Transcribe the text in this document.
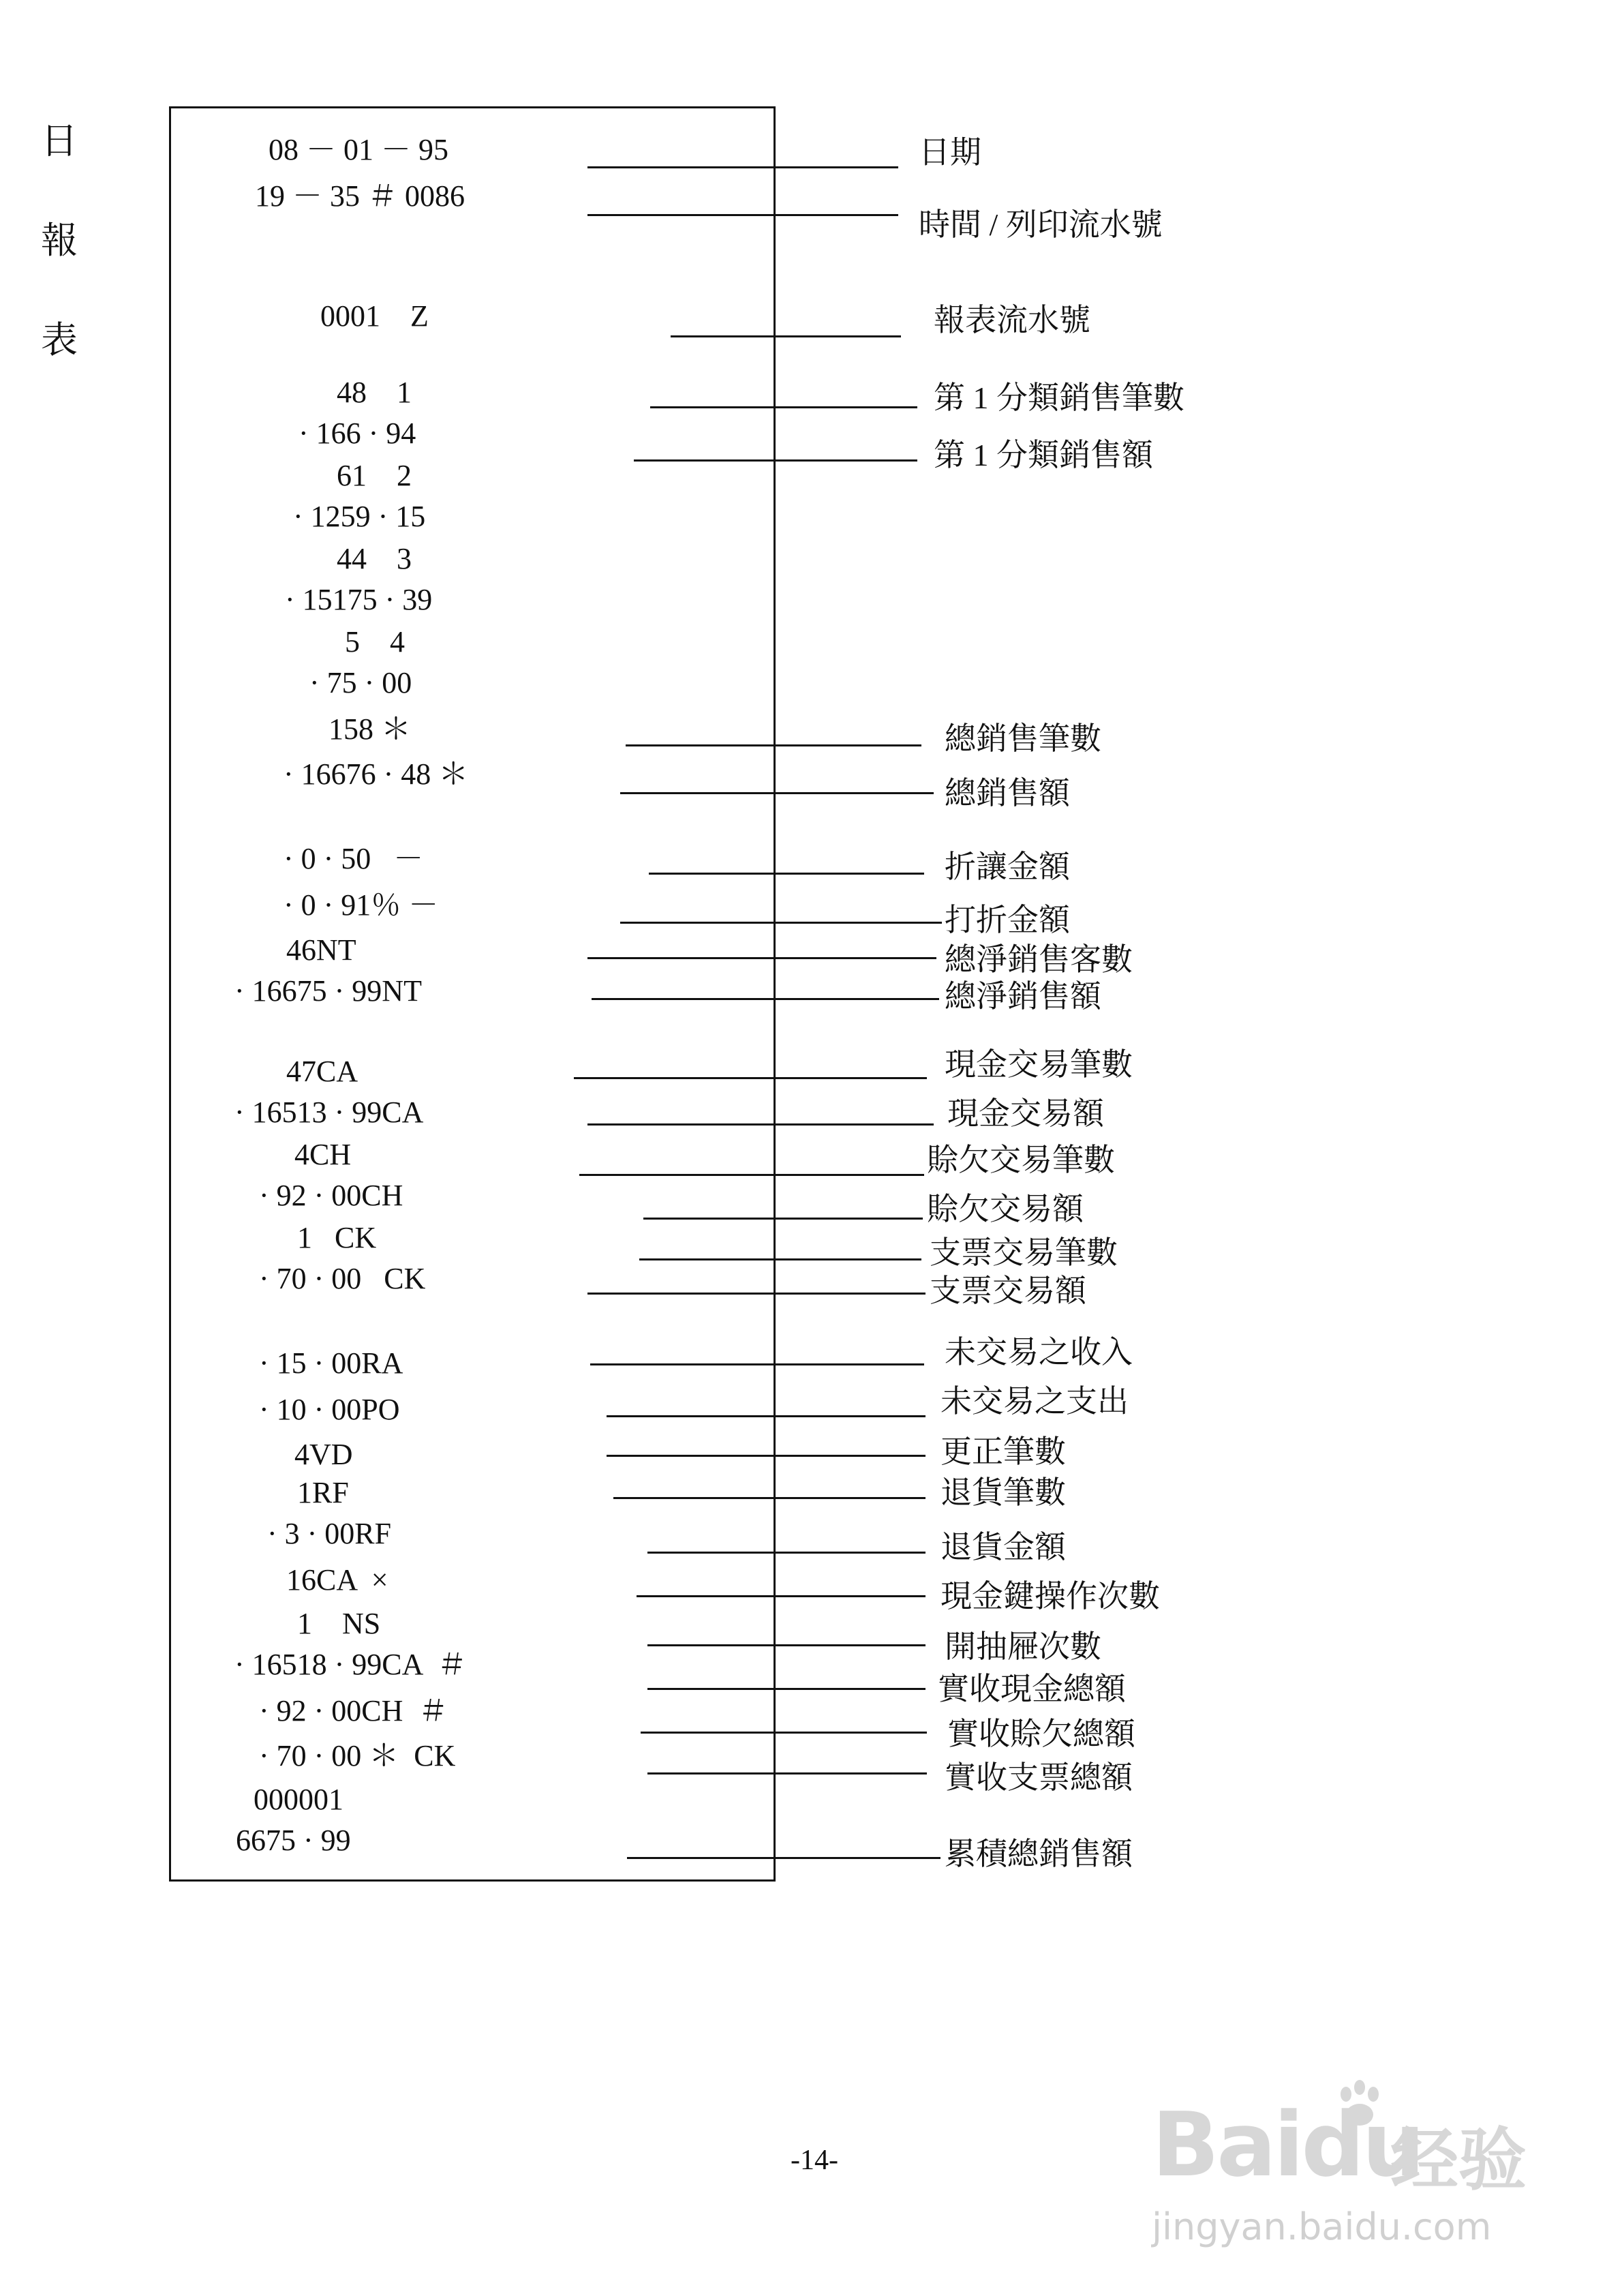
日
報
表
08 － 01 － 95
19 － 35 ＃ 0086
0001    Z
48    1
· 166 · 94
61    2
· 1259 · 15
44    3
· 15175 · 39
5    4
· 75 · 00
158 ＊
· 16676 · 48 ＊
· 0 · 50   －
· 0 · 91％ －
46NT
· 16675 · 99NT
47CA
· 16513 · 99CA
4CH
· 92 · 00CH
1   CK
· 70 · 00   CK
· 15 · 00RA
· 10 · 00PO
4VD
1RF
· 3 · 00RF
16CA  ×
1    NS
· 16518 · 99CA  ＃
· 92 · 00CH  ＃
· 70 · 00 ＊  CK
000001
6675 · 99
日期
時間 / 列印流水號
報表流水號
第 1 分類銷售筆數
第 1 分類銷售額
總銷售筆數
總銷售額
折讓金額
打折金額
總淨銷售客數
總淨銷售額
現金交易筆數
現金交易額
賒欠交易筆數
賒欠交易額
支票交易筆數
支票交易額
未交易之收入
未交易之支出
更正筆數
退貨筆數
退貨金額
現金鍵操作次數
開抽屜次數
實收現金總額
實收賒欠總額
實收支票總額
累積總銷售額
-14-	Baidu
经验
jingyan.baidu.com
